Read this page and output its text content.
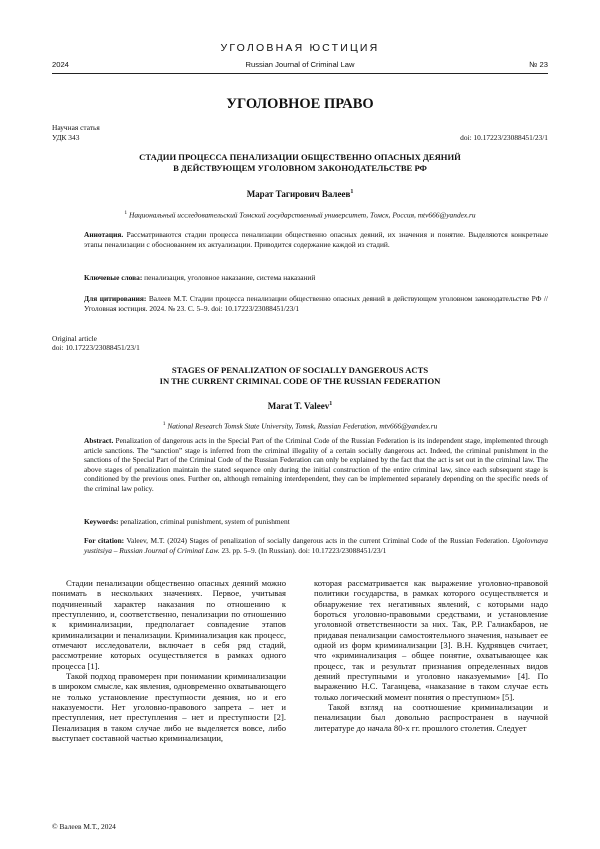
УГОЛОВНАЯ ЮСТИЦИЯ
2024	Russian Journal of Criminal Law	№ 23
УГОЛОВНОЕ ПРАВО
Научная статья
УДК 343	doi: 10.17223/23088451/23/1
СТАДИИ ПРОЦЕССА ПЕНАЛИЗАЦИИ ОБЩЕСТВЕННО ОПАСНЫХ ДЕЯНИЙ
В ДЕЙСТВУЮЩЕМ УГОЛОВНОМ ЗАКОНОДАТЕЛЬСТВЕ РФ
Марат Тагирович Валеев$^1$
$^1$ Национальный исследовательский Томский государственный университет, Томск, Россия, mtv666@yandex.ru
Аннотация. Рассматриваются стадии процесса пенализации общественно опасных деяний, их значения и понятие. Выделяются конкретные этапы пенализации с обоснованием их актуализации. Приводится содержание каждой из стадий.
Ключевые слова: пенализация, уголовное наказание, система наказаний
Для цитирования: Валеев М.Т. Стадии процесса пенализации общественно опасных деяний в действующем уголовном законодательстве РФ // Уголовная юстиция. 2024. № 23. С. 5–9. doi: 10.17223/23088451/23/1
Original article
doi: 10.17223/23088451/23/1
STAGES OF PENALIZATION OF SOCIALLY DANGEROUS ACTS
IN THE CURRENT CRIMINAL CODE OF THE RUSSIAN FEDERATION
Marat T. Valeev$^1$
$^1$ National Research Tomsk State University, Tomsk, Russian Federation, mtv666@yandex.ru
Abstract. Penalization of dangerous acts in the Special Part of the Criminal Code of the Russian Federation is its independent stage, implemented through article sanctions. The “sanction” stage is inferred from the criminal illegality of a certain socially dangerous act. Indeed, the criminal punishment in the sanctions of the Special Part of the Criminal Code of the Russian Federation can only be explained by the fact that the act is set out in the criminal law. The above stages of penalization maintain the stated sequence only during the initial construction of the entire criminal law, since each subsequent stage is conditioned by the previous ones. Further on, although remaining interdependent, they can be implemented separately depending on the specific needs of the criminal law policy.
Keywords: penalization, criminal punishment, system of punishment
For citation: Valeev, M.T. (2024) Stages of penalization of socially dangerous acts in the current Criminal Code of the Russian Federation. Ugolovnaya yustitsiya – Russian Journal of Criminal Law. 23. pp. 5–9. (In Russian). doi: 10.17223/23088451/23/1

Стадии пенализации общественно опасных деяний можно понимать в нескольких значениях. Первое, учитывая подчиненный характер наказания по отношению к преступлению, и, соответственно, пенализации по отношению к криминализации, предполагает совпадение этапов криминализации и пенализации. Криминализация как процесс, отмечают исследователи, включает в себя ряд стадий, рассмотрение которых осуществляется в рамках одного процесса [1].

Такой подход правомерен при понимании криминализации в широком смысле, как явления, одновременно охватывающего не только установление преступности деяния, но и его наказуемости. Нет уголовно-правового запрета – нет и преступления, нет преступления – нет и преступности [2]. Пенализация в таком случае либо не выделяется вовсе, либо выступает составной частью криминализации,

которая рассматривается как выражение уголовно-правовой политики государства, в рамках которого осуществляется и обнаружение тех негативных явлений, с которыми надо бороться уголовно-правовыми средствами, и установление уголовной ответственности за них. Так, Р.Р. Галиакбаров, не придавая пенализации самостоятельного значения, называет ее одной из форм криминализации [3]. В.Н. Кудрявцев считает, что «криминализация – общее понятие, охватывающее как процесс, так и результат признания определенных видов деяний преступными и уголовно наказуемыми» [4]. По выражению Н.С. Таганцева, «наказание в таком случае есть только логический момент понятия о преступном» [5].

Такой взгляд на соотношение криминализации и пенализации был довольно распространен в научной литературе до начала 80-х гг. прошлого столетия. Следует

© Валеев М.Т., 2024
